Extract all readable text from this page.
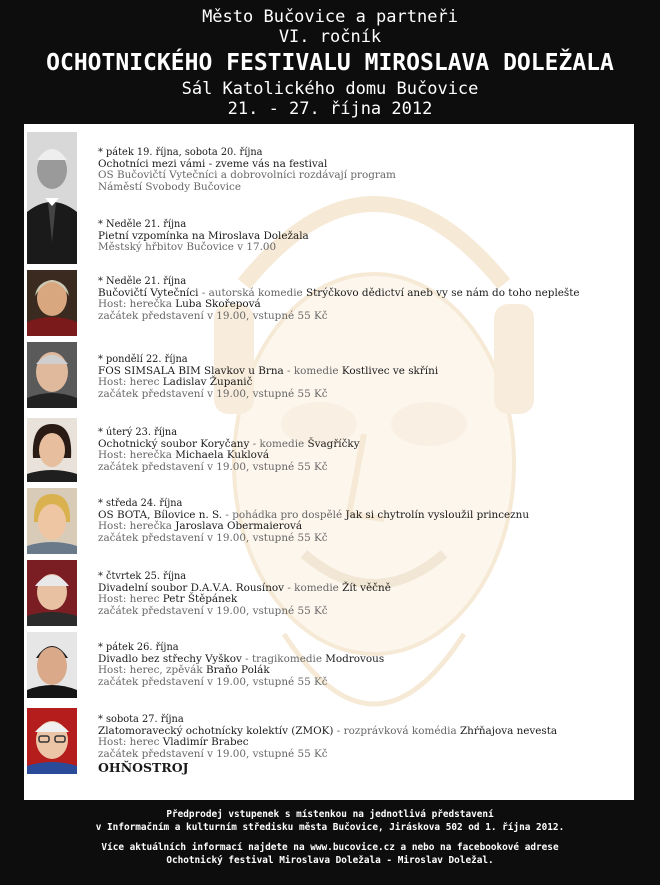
Město Bučovice a partneři
VI. ročník
OCHOTNICKÉHO FESTIVALU MIROSLAVA DOLEŽALA
Sál Katolického domu Bučovice
21. - 27. října 2012
* pátek 19. října, sobota 20. října
Ochotníci mezi vámi - zveme vás na festival
OS Bučovičtí Vytečníci a dobrovolníci rozdávají program
Náměstí Svobody Bučovice
* Neděle 21. října
Pietní vzpomínka na Miroslava Doležala
Městský hřbitov Bučovice v 17.00
* Neděle 21. října
Bučovičtí Vytečníci - autorská komedie Strýčkovo dědictví aneb vy se nám do toho neplešte
Host: herečka Luba Skořepová
začátek představení v 19.00, vstupné 55 Kč
* pondělí 22. října
FOS SIMSALA BIM Slavkov u Brna - komedie Kostlivec ve skříni
Host: herec Ladislav Županič
začátek představení v 19.00, vstupné 55 Kč
* úterý 23. října
Ochotnický soubor Koryčany - komedie Švagříčky
Host: herečka Michaela Kuklová
začátek představení v 19.00, vstupné 55 Kč
* středa 24. října
OS BOTA, Bílovice n. S. - pohádka pro dospělé Jak si chytrolín vysloužil princeznu
Host: herečka Jaroslava Obermaierová
začátek představení v 19.00, vstupné 55 Kč
* čtvrtek 25. října
Divadelní soubor D.A.V.A. Rousínov - komedie Žít věčně
Host: herec Petr Štěpánek
začátek představení v 19.00, vstupné 55 Kč
* pátek 26. října
Divadlo bez střechy Vyškov - tragikomedie Modrovous
Host: herec, zpěvák Braňo Polák
začátek představení v 19.00, vstupné 55 Kč
* sobota 27. října
Zlatomoravecký ochotnícky kolektív (ZMOK) - rozprávková komédia Zhŕňajova nevesta
Host: herec Vladimír Brabec
začátek představení v 19.00, vstupné 55 Kč
OHŇOSTROJ
Předprodej vstupenek s místenkou na jednotlivá představení
v Informačním a kulturním středisku města Bučovice, Jiráskova 502 od 1. října 2012.
Více aktuálních informací najdete na www.bucovice.cz a nebo na facebookové adrese
Ochotnický festival Miroslava Doležala - Miroslav Doležal.
